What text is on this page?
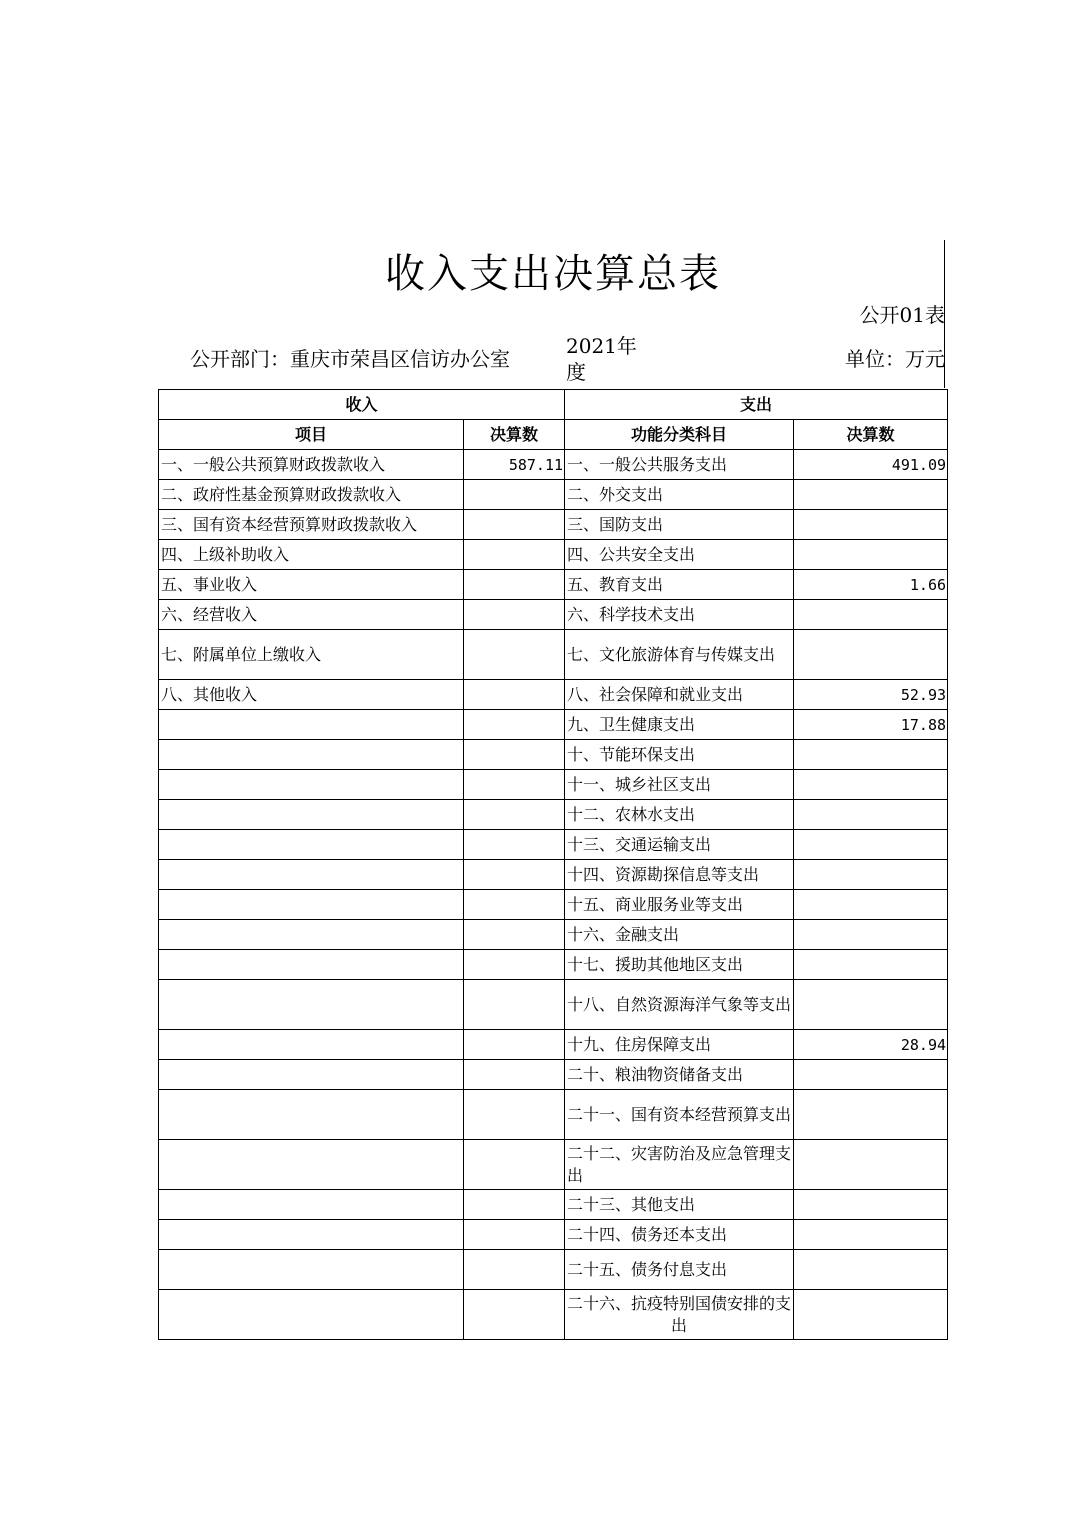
收入支出决算总表
公开01表
公开部门：重庆市荣昌区信访办公室
2021年度
单位：万元
收入		支出	
项目	决算数	功能分类科目	决算数
一、一般公共预算财政拨款收入	587.11	一、一般公共服务支出	491.09
二、政府性基金预算财政拨款收入		二、外交支出	
三、国有资本经营预算财政拨款收入		三、国防支出	
四、上级补助收入		四、公共安全支出	
五、事业收入		五、教育支出	1.66
六、经营收入		六、科学技术支出	
七、附属单位上缴收入		七、文化旅游体育与传媒支出	
八、其他收入		八、社会保障和就业支出	52.93
		九、卫生健康支出	17.88
		十、节能环保支出	
		十一、城乡社区支出	
		十二、农林水支出	
		十三、交通运输支出	
		十四、资源勘探信息等支出	
		十五、商业服务业等支出	
		十六、金融支出	
		十七、援助其他地区支出	
		十八、自然资源海洋气象等支出	
		十九、住房保障支出	28.94
		二十、粮油物资储备支出	
		二十一、国有资本经营预算支出	
		二十二、灾害防治及应急管理支出	
		二十三、其他支出	
		二十四、债务还本支出	
		二十五、债务付息支出	
		二十六、抗疫特别国债安排的支出	
